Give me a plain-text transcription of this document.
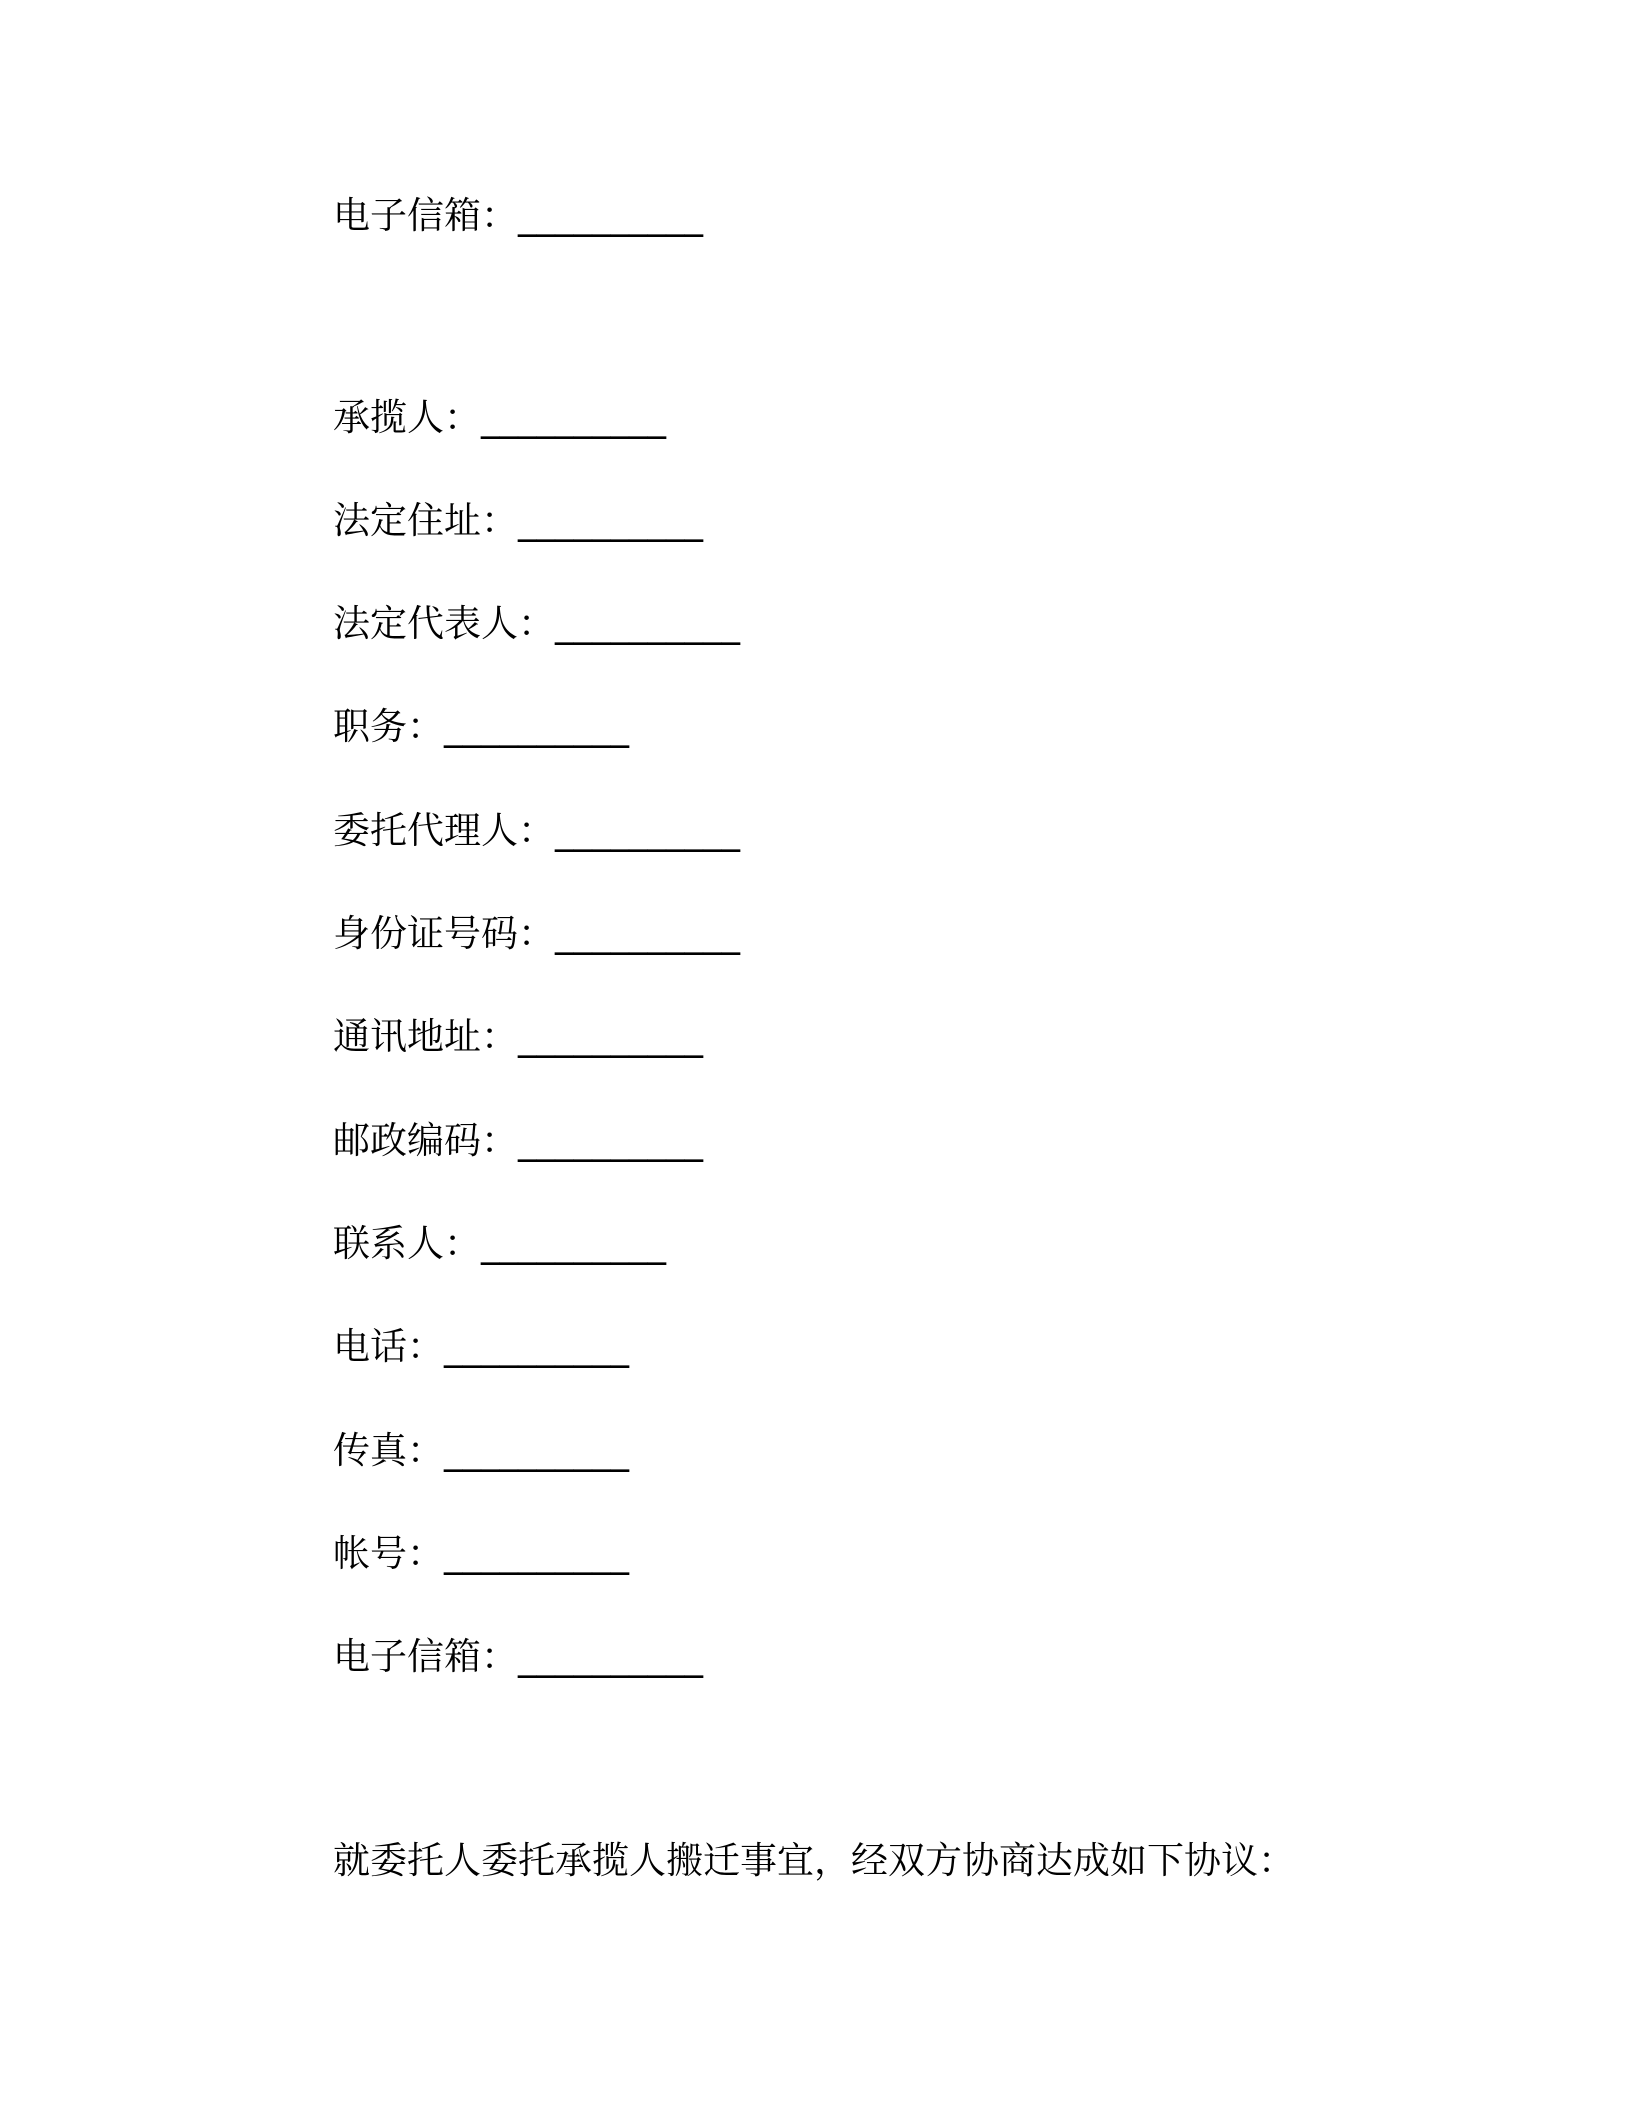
电子信箱：__________
承揽人：__________
法定住址：__________
法定代表人：__________
职务：__________
委托代理人：__________
身份证号码：__________
通讯地址：__________
邮政编码：__________
联系人：__________
电话：__________
传真：__________
帐号：__________
电子信箱：__________
就委托人委托承揽人搬迁事宜，经双方协商达成如下协议：
